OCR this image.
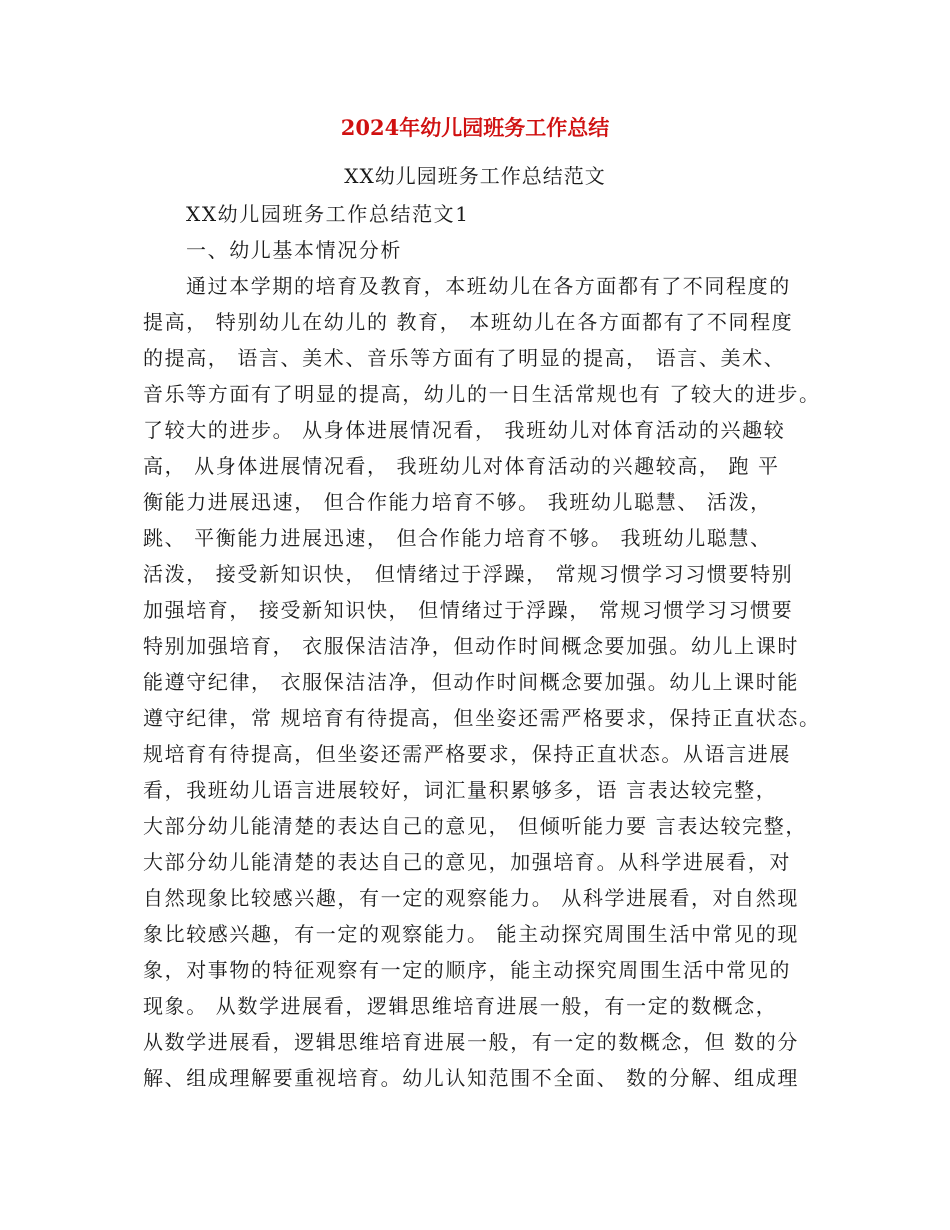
2024年幼儿园班务工作总结
XX幼儿园班务工作总结范文
XX幼儿园班务工作总结范文1
一、幼儿基本情况分析
通过本学期的培育及教育，本班幼儿在各方面都有了不同程度的
提高， 特别幼儿在幼儿的 教育， 本班幼儿在各方面都有了不同程度
的提高， 语言、美术、音乐等方面有了明显的提高， 语言、美术、
音乐等方面有了明显的提高，幼儿的一日生活常规也有 了较大的进步。
了较大的进步。 从身体进展情况看， 我班幼儿对体育活动的兴趣较
高， 从身体进展情况看， 我班幼儿对体育活动的兴趣较高， 跑 平
衡能力进展迅速， 但合作能力培育不够。 我班幼儿聪慧、 活泼，
跳、 平衡能力进展迅速， 但合作能力培育不够。 我班幼儿聪慧、
活泼， 接受新知识快， 但情绪过于浮躁， 常规习惯学习习惯要特别
加强培育， 接受新知识快， 但情绪过于浮躁， 常规习惯学习习惯要
特别加强培育， 衣服保洁洁净，但动作时间概念要加强。幼儿上课时
能遵守纪律， 衣服保洁洁净，但动作时间概念要加强。幼儿上课时能
遵守纪律，常 规培育有待提高，但坐姿还需严格要求，保持正直状态。
规培育有待提高，但坐姿还需严格要求，保持正直状态。从语言进展
看，我班幼儿语言进展较好，词汇量积累够多，语 言表达较完整，
大部分幼儿能清楚的表达自己的意见， 但倾听能力要 言表达较完整，
大部分幼儿能清楚的表达自己的意见，加强培育。从科学进展看，对
自然现象比较感兴趣，有一定的观察能力。 从科学进展看，对自然现
象比较感兴趣，有一定的观察能力。 能主动探究周围生活中常见的现
象，对事物的特征观察有一定的顺序，能主动探究周围生活中常见的
现象。 从数学进展看，逻辑思维培育进展一般，有一定的数概念，
从数学进展看，逻辑思维培育进展一般，有一定的数概念，但 数的分
解、组成理解要重视培育。幼儿认知范围不全面、 数的分解、组成理
